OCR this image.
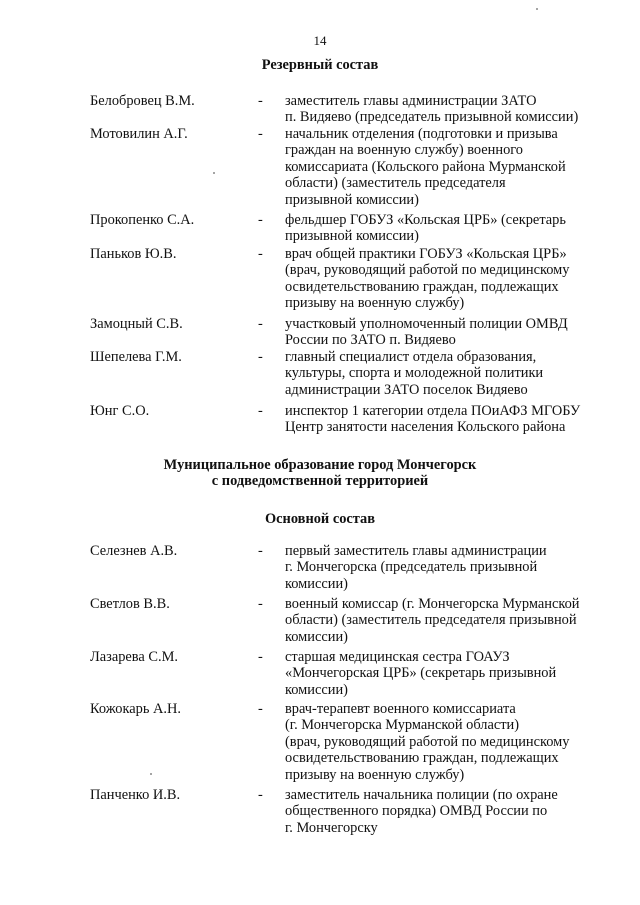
14
Резервный состав
Белобровец В.М.	- заместитель главы администрации ЗАТО
п. Видяево (председатель призывной комиссии)
Мотовилин А.Г.	- начальник отделения (подготовки и призыва
граждан на военную службу) военного
комиссариата (Кольского района Мурманской
области) (заместитель председателя
призывной комиссии)
Прокопенко С.А.	- фельдшер ГОБУЗ «Кольская ЦРБ» (секретарь
призывной комиссии)
Паньков Ю.В.	- врач общей практики ГОБУЗ «Кольская ЦРБ»
(врач, руководящий работой по медицинскому
освидетельствованию граждан, подлежащих
призыву на военную службу)
Замоцный С.В.	- участковый уполномоченный полиции ОМВД
России по ЗАТО п. Видяево
Шепелева Г.М.	- главный специалист отдела образования,
культуры, спорта и молодежной политики
администрации ЗАТО поселок Видяево
Юнг С.О.	- инспектор 1 категории отдела ПОиАФЗ МГОБУ
Центр занятости населения Кольского района
Муниципальное образование город Мончегорск
с подведомственной территорией
Основной состав
Селезнев А.В.	- первый заместитель главы администрации
г. Мончегорска (председатель призывной
комиссии)
Светлов В.В.	- военный комиссар (г. Мончегорска Мурманской
области) (заместитель председателя призывной
комиссии)
Лазарева С.М.	- старшая медицинская сестра ГОАУЗ
«Мончегорская ЦРБ» (секретарь призывной
комиссии)
Кожокарь А.Н.	- врач-терапевт военного комиссариата
(г. Мончегорска Мурманской области)
(врач, руководящий работой по медицинскому
освидетельствованию граждан, подлежащих
призыву на военную службу)
Панченко И.В.	- заместитель начальника полиции (по охране
общественного порядка) ОМВД России по
г. Мончегорску
